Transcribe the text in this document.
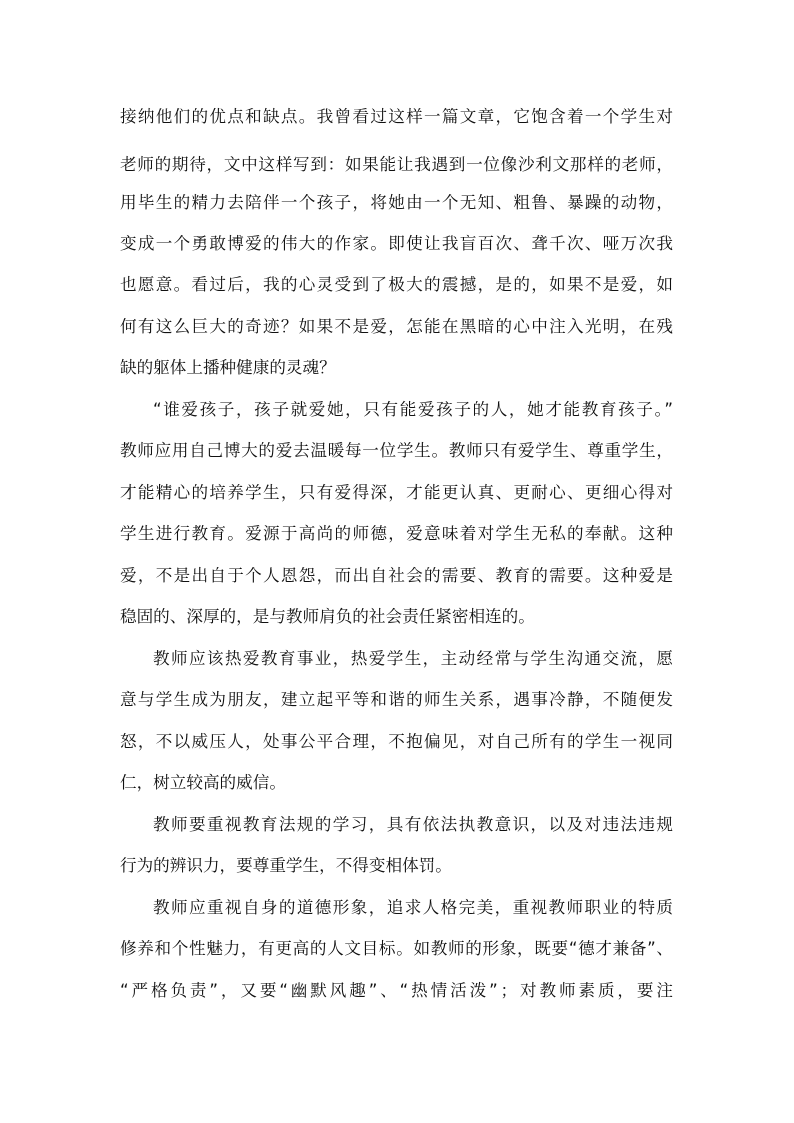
接纳他们的优点和缺点。我曾看过这样一篇文章，它饱含着一个学生对

老师的期待，文中这样写到：如果能让我遇到一位像沙利文那样的老师，

用毕生的精力去陪伴一个孩子，将她由一个无知、粗鲁、暴躁的动物，

变成一个勇敢博爱的伟大的作家。即使让我盲百次、聋千次、哑万次我

也愿意。看过后，我的心灵受到了极大的震撼，是的，如果不是爱，如

何有这么巨大的奇迹？如果不是爱，怎能在黑暗的心中注入光明，在残

缺的躯体上播种健康的灵魂？

“谁爱孩子，孩子就爱她，只有能爱孩子的人，她才能教育孩子。”

教师应用自己博大的爱去温暖每一位学生。教师只有爱学生、尊重学生，

才能精心的培养学生，只有爱得深，才能更认真、更耐心、更细心得对

学生进行教育。爱源于高尚的师德，爱意味着对学生无私的奉献。这种

爱，不是出自于个人恩怨，而出自社会的需要、教育的需要。这种爱是

稳固的、深厚的，是与教师肩负的社会责任紧密相连的。

教师应该热爱教育事业，热爱学生，主动经常与学生沟通交流，愿

意与学生成为朋友，建立起平等和谐的师生关系，遇事冷静，不随便发

怒，不以威压人，处事公平合理，不抱偏见，对自己所有的学生一视同

仁，树立较高的威信。

教师要重视教育法规的学习，具有依法执教意识，以及对违法违规

行为的辨识力，要尊重学生，不得变相体罚。

教师应重视自身的道德形象，追求人格完美，重视教师职业的特质

修养和个性魅力，有更高的人文目标。如教师的形象，既要“德才兼备”、

“严格负责”，又要“幽默风趣”、“热情活泼”；对教师素质，要注
